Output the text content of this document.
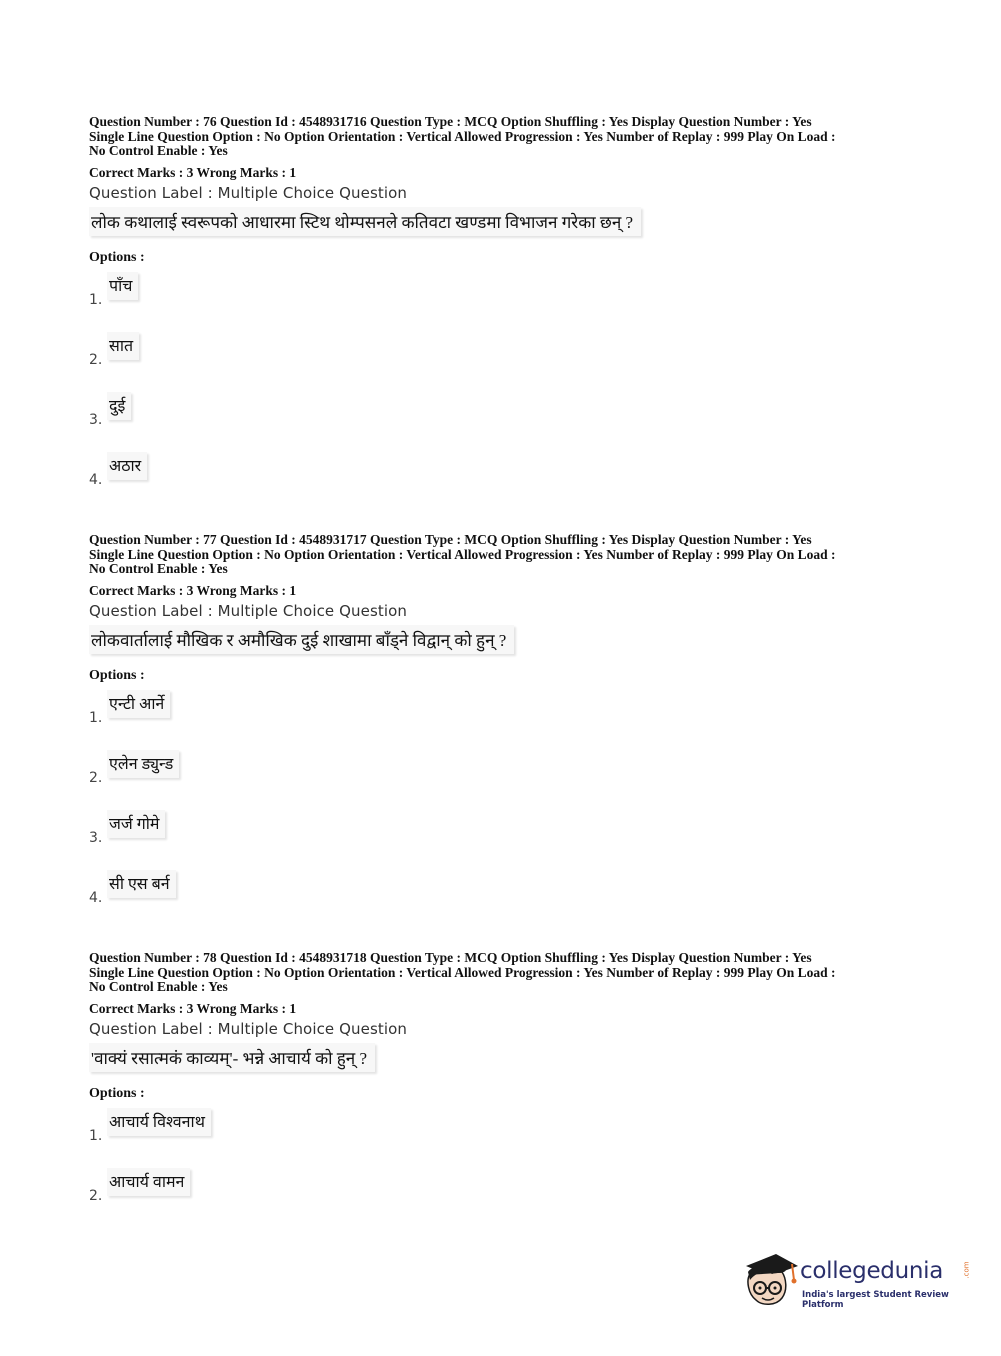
Question Number : 76 Question Id : 4548931716 Question Type : MCQ Option Shuffling : Yes Display Question Number : Yes
Single Line Question Option : No Option Orientation : Vertical Allowed Progression : Yes Number of Replay : 999 Play On Load :
No Control Enable : Yes
Correct Marks : 3 Wrong Marks : 1
Question Label : Multiple Choice Question
लोक कथालाई स्वरूपको आधारमा स्टिथ थोम्पसनले कतिवटा खण्डमा विभाजन गरेका छन् ?
Options :
1.
पाँच
2.
सात
3.
दुई
4.
अठार
Question Number : 77 Question Id : 4548931717 Question Type : MCQ Option Shuffling : Yes Display Question Number : Yes
Single Line Question Option : No Option Orientation : Vertical Allowed Progression : Yes Number of Replay : 999 Play On Load :
No Control Enable : Yes
Correct Marks : 3 Wrong Marks : 1
Question Label : Multiple Choice Question
लोकवार्तालाई मौखिक र अमौखिक दुई शाखामा बाँड्ने विद्वान् को हुन् ?
Options :
1.
एन्टी आर्ने
2.
एलेन ड्युन्ड
3.
जर्ज गोमे
4.
सी एस बर्न
Question Number : 78 Question Id : 4548931718 Question Type : MCQ Option Shuffling : Yes Display Question Number : Yes
Single Line Question Option : No Option Orientation : Vertical Allowed Progression : Yes Number of Replay : 999 Play On Load :
No Control Enable : Yes
Correct Marks : 3 Wrong Marks : 1
Question Label : Multiple Choice Question
'वाक्यं रसात्मकं काव्यम्'- भन्ने आचार्य को हुन् ?
Options :
1.
आचार्य विश्वनाथ
2.
आचार्य वामन
collegedunia	.com
India's largest Student Review Platform
